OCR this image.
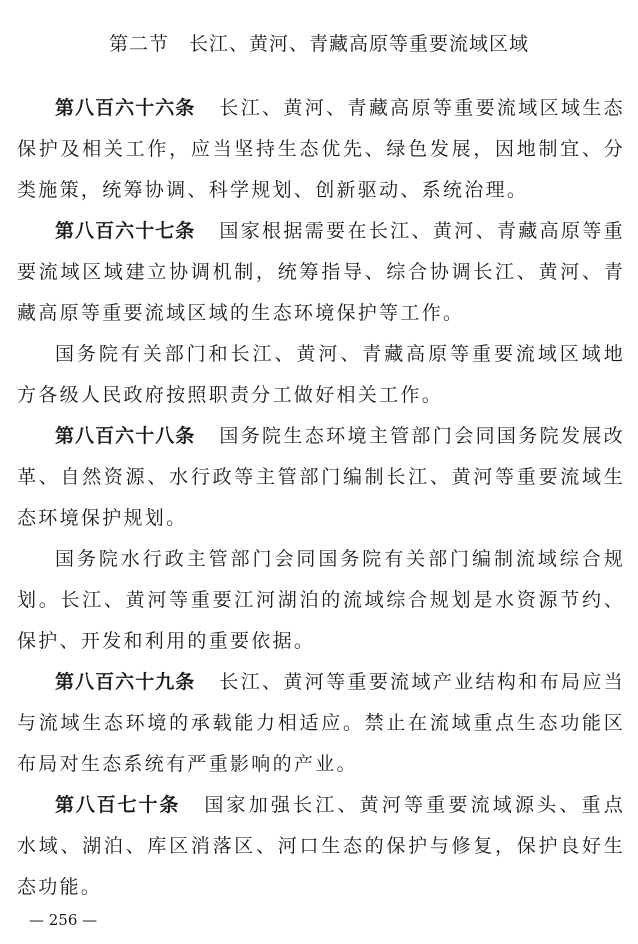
第二节　长江、黄河、青藏高原等重要流域区域

第八百六十六条 长江、黄河、青藏高原等重要流域区域生态保护及相关工作，应当坚持生态优先、绿色发展，因地制宜、分类施策，统筹协调、科学规划、创新驱动、系统治理。

第八百六十七条 国家根据需要在长江、黄河、青藏高原等重要流域区域建立协调机制，统筹指导、综合协调长江、黄河、青藏高原等重要流域区域的生态环境保护等工作。

国务院有关部门和长江、黄河、青藏高原等重要流域区域地方各级人民政府按照职责分工做好相关工作。

第八百六十八条 国务院生态环境主管部门会同国务院发展改革、自然资源、水行政等主管部门编制长江、黄河等重要流域生态环境保护规划。

国务院水行政主管部门会同国务院有关部门编制流域综合规划。长江、黄河等重要江河湖泊的流域综合规划是水资源节约、保护、开发和利用的重要依据。

第八百六十九条 长江、黄河等重要流域产业结构和布局应当与流域生态环境的承载能力相适应。禁止在流域重点生态功能区布局对生态系统有严重影响的产业。

第八百七十条 国家加强长江、黄河等重要流域源头、重点水域、湖泊、库区消落区、河口生态的保护与修复，保护良好生态功能。

— 256 —
